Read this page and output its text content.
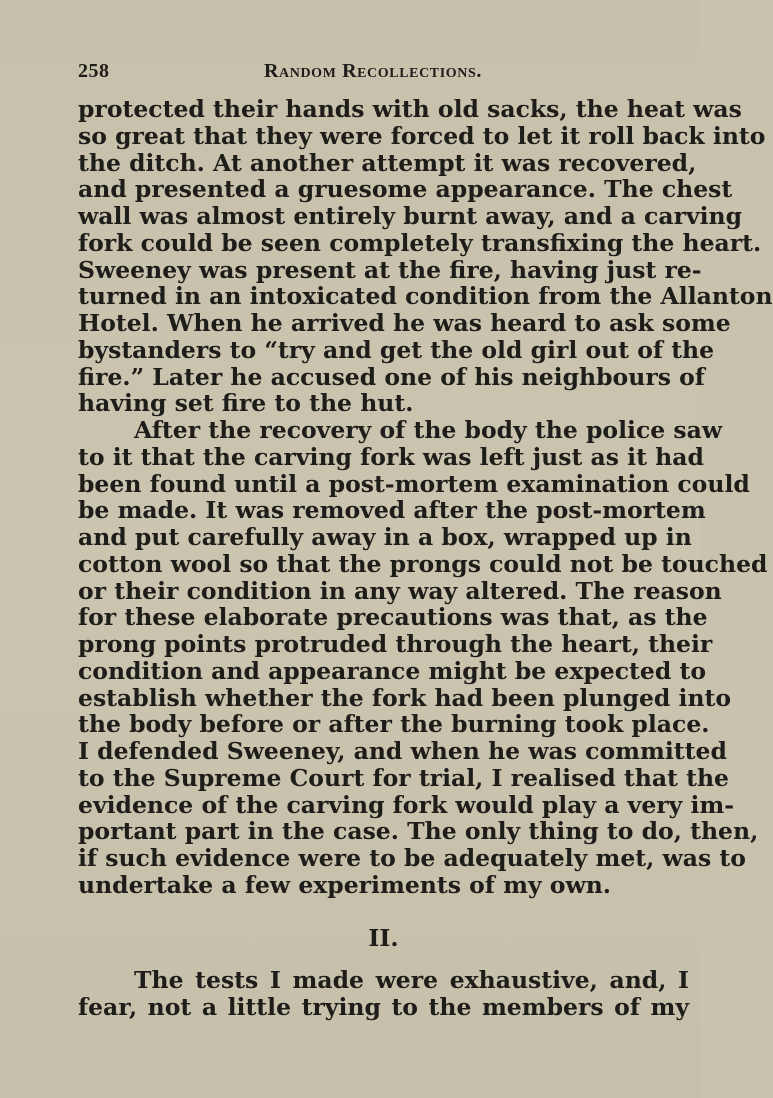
258	Random Recollections.
protected their hands with old sacks, the heat was
so great that they were forced to let it roll back into
the ditch. At another attempt it was recovered,
and presented a gruesome appearance. The chest
wall was almost entirely burnt away, and a carving
fork could be seen completely transfixing the heart.
Sweeney was present at the fire, having just re-
turned in an intoxicated condition from the Allanton
Hotel. When he arrived he was heard to ask some
bystanders to “try and get the old girl out of the
fire.” Later he accused one of his neighbours of
having set fire to the hut.
After the recovery of the body the police saw
to it that the carving fork was left just as it had
been found until a post-mortem examination could
be made. It was removed after the post-mortem
and put carefully away in a box, wrapped up in
cotton wool so that the prongs could not be touched
or their condition in any way altered. The reason
for these elaborate precautions was that, as the
prong points protruded through the heart, their
condition and appearance might be expected to
establish whether the fork had been plunged into
the body before or after the burning took place.
I defended Sweeney, and when he was committed
to the Supreme Court for trial, I realised that the
evidence of the carving fork would play a very im-
portant part in the case. The only thing to do, then,
if such evidence were to be adequately met, was to
undertake a few experiments of my own.
II.
The tests I made were exhaustive, and, I
fear, not a little trying to the members of my
